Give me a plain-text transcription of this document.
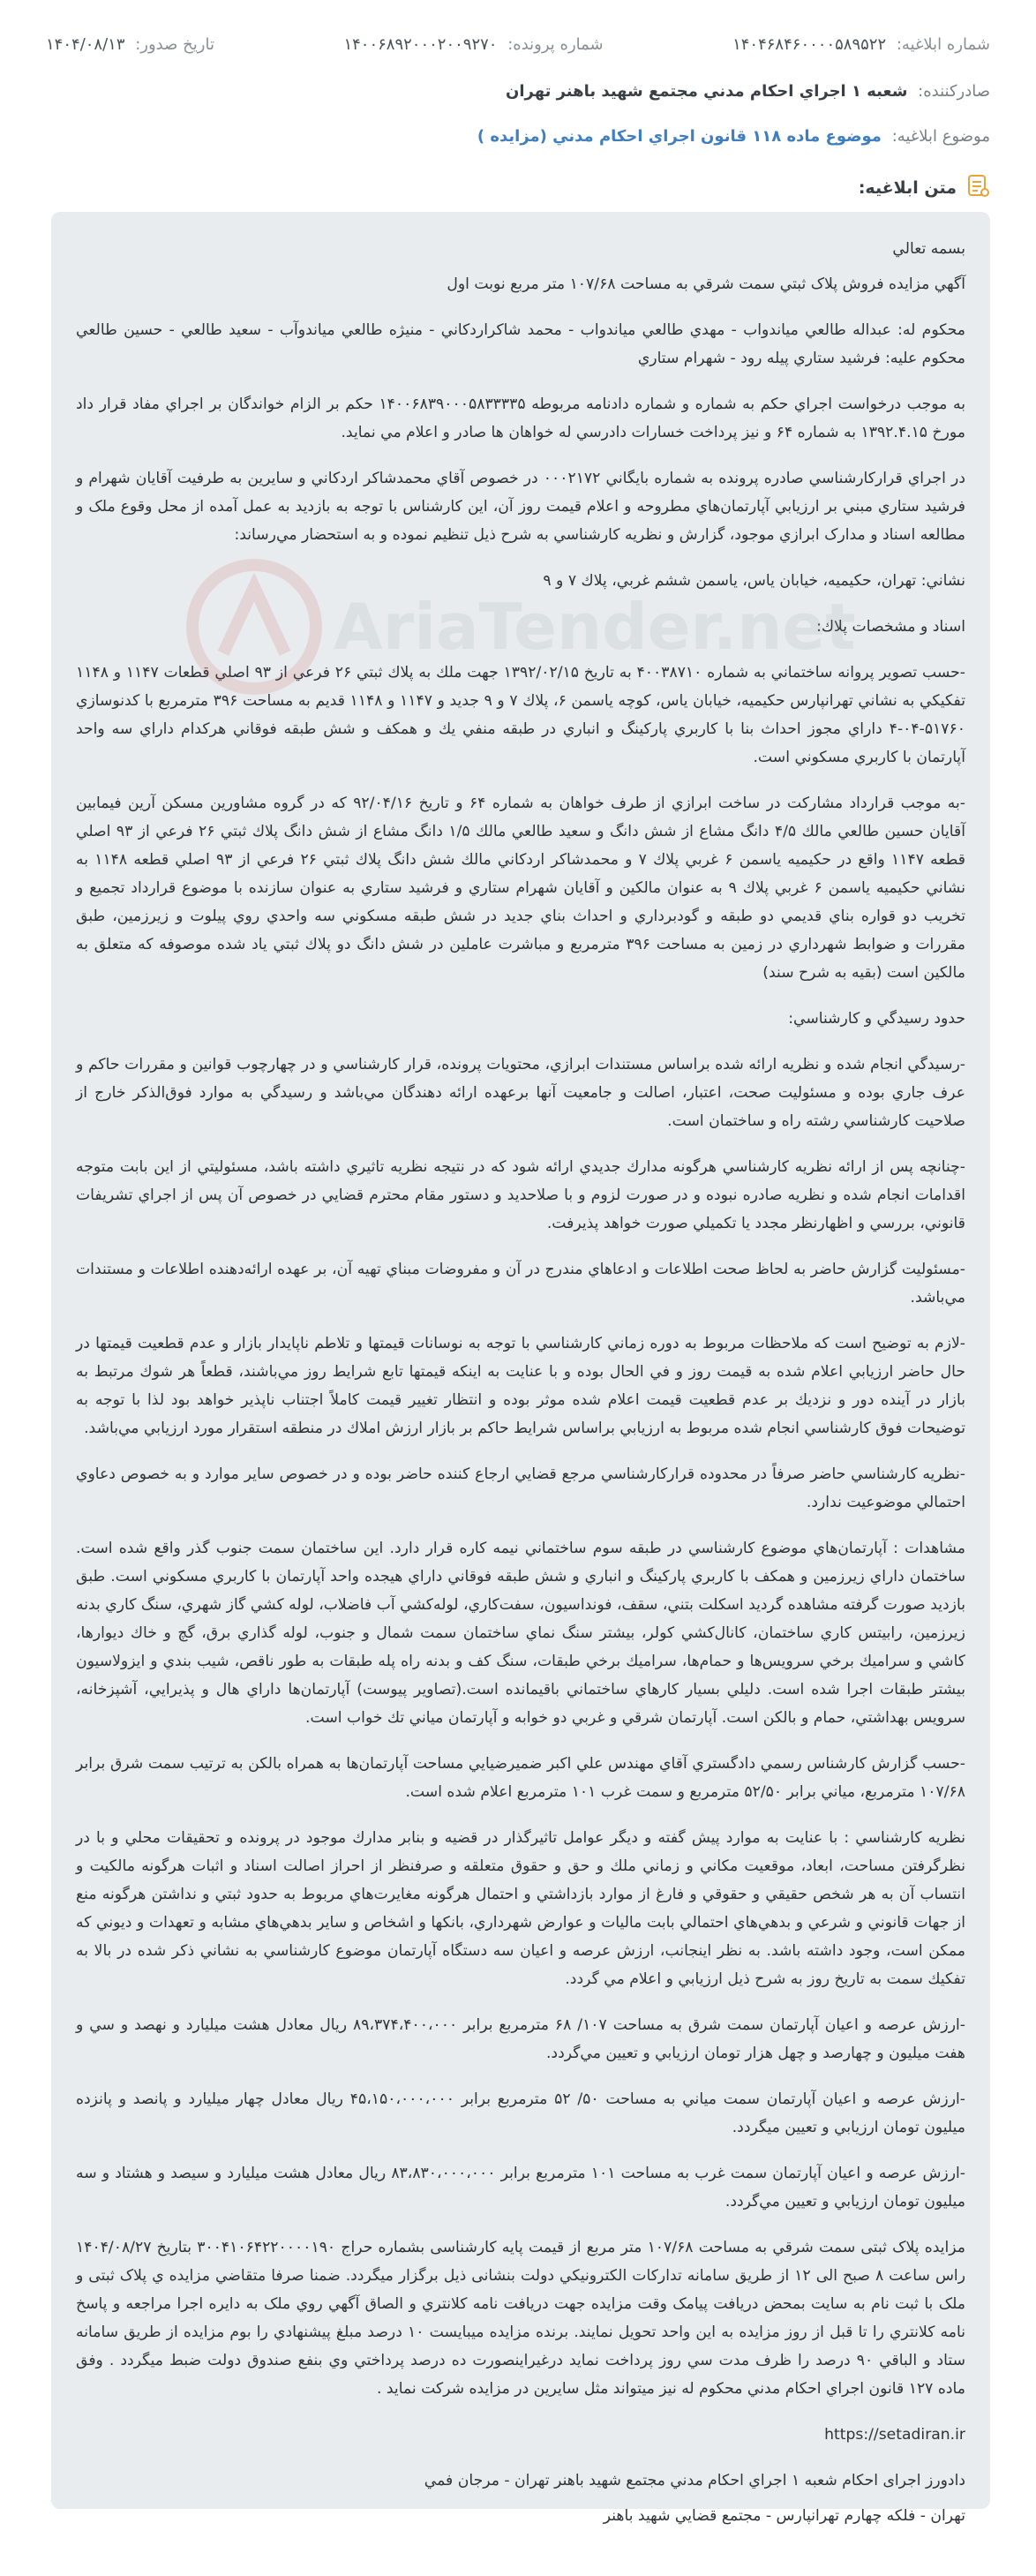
شماره ابلاغیه: ۱۴۰۴۶۸۴۶۰۰۰۰۵۸۹۵۲۲
شماره پرونده: ۱۴۰۰۶۸۹۲۰۰۰۲۰۰۹۲۷۰
تاریخ صدور: ۱۴۰۴/۰۸/۱۳
صادرکننده: شعبه ۱ اجراي احكام مدني مجتمع شهيد باهنر تهران
موضوع ابلاغیه: موضوع ماده ۱۱۸ قانون اجراي احكام مدني (مزايده )
متن ابلاغیه:
AriaTender.net

بسمه تعالي

آگهي مزايده فروش پلاک ثبتي سمت شرقي به مساحت ۱۰۷/۶۸ متر مربع نوبت اول

محكوم له: عبداله طالعي مياندواب - مهدي طالعي مياندواب - محمد شاكراردكاني - منيژه طالعي مياندوآب - سعيد طالعي - حسين طالعي محكوم عليه: فرشيد ستاري پيله رود - شهرام ستاري

به موجب درخواست اجراي حکم به شماره و شماره دادنامه مربوطه ۱۴۰۰۶۸۳۹۰۰۰۵۸۳۳۳۳۵ حكم بر الزام خواندگان بر اجراي مفاد قرار داد مورخ ۱۳۹۲.۴.۱۵ به شماره ۶۴ و نيز پرداخت خسارات دادرسي له خواهان ها صادر و اعلام مي نمايد.

در اجراي قرارکارشناسي صادره پرونده به شماره بايگاني ۰۰۰۲۱۷۲ در خصوص آقاي محمدشاکر اردکاني و سايرين به طرفيت آقايان شهرام و فرشيد ستاري مبني بر ارزيابي آپارتمان‌هاي مطروحه و اعلام قيمت روز آن، اين کارشناس با توجه به بازديد به عمل آمده از محل وقوع ملک و مطالعه اسناد و مدارک ابرازي موجود، گزارش و نظريه کارشناسي به شرح ذيل تنظيم نموده و به استحضار مي‌رساند:

نشاني: تهران، حكيميه، خيابان ياس، ياسمن ششم غربي، پلاك ۷ و ۹

اسناد و مشخصات پلاك:

-حسب تصوير پروانه ساختماني به شماره ۴۰۰۳۸۷۱۰ به تاريخ ۱۳۹۲/۰۲/۱۵ جهت ملك به پلاك ثبتي ۲۶ فرعي از ۹۳ اصلي قطعات ۱۱۴۷ و ۱۱۴۸ تفكيكي به نشاني تهرانپارس حكيميه، خيابان ياس، كوچه ياسمن ۶، پلاك ۷ و ۹ جديد و ۱۱۴۷ و ۱۱۴۸ قديم به مساحت ۳۹۶ مترمربع با كدنوسازي ۵۱۷۶۰-۰۴-۴ داراي مجوز احداث بنا با كاربري پاركينگ و انباري در طبقه منفي يك و همكف و شش طبقه فوقاني هركدام داراي سه واحد آپارتمان با كاربري مسكوني است.

-به موجب قرارداد مشاركت در ساخت ابرازي از طرف خواهان به شماره ۶۴ و تاريخ ۹۲/۰۴/۱۶ كه در گروه مشاورين مسكن آرين فيمابين آقايان حسين طالعي مالك ۴/۵ دانگ مشاع از شش دانگ و سعيد طالعي مالك ۱/۵ دانگ مشاع از شش دانگ پلاك ثبتي ۲۶ فرعي از ۹۳ اصلي قطعه ۱۱۴۷ واقع در حكيميه ياسمن ۶ غربي پلاك ۷ و محمدشاكر اردكاني مالك شش دانگ پلاك ثبتي ۲۶ فرعي از ۹۳ اصلي قطعه ۱۱۴۸ به نشاني حكيميه ياسمن ۶ غربي پلاك ۹ به عنوان مالكين و آقايان شهرام ستاري و فرشيد ستاري به عنوان سازنده با موضوع قرارداد تجميع و تخريب دو قواره بناي قديمي دو طبقه و گودبرداري و احداث بناي جديد در شش طبقه مسكوني سه واحدي روي پيلوت و زيرزمين، طبق مقررات و ضوابط شهرداري در زمين به مساحت ۳۹۶ مترمربع و مباشرت عاملين در شش دانگ دو پلاك ثبتي ياد شده موصوفه كه متعلق به مالكين است (بقيه به شرح سند)

حدود رسيدگي و كارشناسي:

-رسيدگي انجام شده و نظريه ارائه شده براساس مستندات ابرازي، محتويات پرونده، قرار كارشناسي و در چهارچوب قوانين و مقررات حاكم و عرف جاري بوده و مسئوليت صحت، اعتبار، اصالت و جامعيت آنها برعهده ارائه دهندگان مي‌باشد و رسيدگي به موارد فوق‌الذكر خارج از صلاحيت كارشناسي رشته راه و ساختمان است.

-چنانچه پس از ارائه نظريه كارشناسي هرگونه مدارك جديدي ارائه شود كه در نتيجه نظريه تاثيري داشته باشد، مسئوليتي از اين بابت متوجه اقدامات انجام شده و نظريه صادره نبوده و در صورت لزوم و با صلاحديد و دستور مقام محترم قضايي در خصوص آن پس از اجراي تشريفات قانوني، بررسي و اظهارنظر مجدد يا تكميلي صورت خواهد پذيرفت.

-مسئوليت گزارش حاضر به لحاظ صحت اطلاعات و ادعاهاي مندرج در آن و مفروضات مبناي تهيه آن، بر عهده ارائه‌دهنده اطلاعات و مستندات مي‌باشد.

-لازم به توضيح است كه ملاحظات مربوط به دوره زماني كارشناسي با توجه به نوسانات قيمتها و تلاطم ناپايدار بازار و عدم قطعيت قيمتها در حال حاضر ارزيابي اعلام شده به قيمت روز و في الحال بوده و با عنايت به اينكه قيمتها تابع شرايط روز مي‌باشند، قطعاً هر شوك مرتبط به بازار در آينده دور و نزديك بر عدم قطعيت قيمت اعلام شده موثر بوده و انتظار تغيير قيمت كاملاً اجتناب ناپذير خواهد بود لذا با توجه به توضيحات فوق كارشناسي انجام شده مربوط به ارزيابي براساس شرايط حاكم بر بازار ارزش املاك در منطقه استقرار مورد ارزيابي مي‌باشد.

-نظريه كارشناسي حاضر صرفاً در محدوده قراركارشناسي مرجع قضايي ارجاع كننده حاضر بوده و در خصوص ساير موارد و به خصوص دعاوي احتمالي موضوعيت ندارد.

مشاهدات : آپارتمان‌هاي موضوع كارشناسي در طبقه سوم ساختماني نيمه كاره قرار دارد. اين ساختمان سمت جنوب گذر واقع شده است. ساختمان داراي زيرزمين و همكف با كاربري پاركينگ و انباري و شش طبقه فوقاني داراي هيجده واحد آپارتمان با كاربري مسكوني است. طبق بازديد صورت گرفته مشاهده گرديد اسكلت بتني، سقف، فونداسيون، سفت‌كاري، لوله‌كشي آب فاضلاب، لوله كشي گاز شهري، سنگ كاري بدنه زيرزمين، رابيتس كاري ساختمان، كانال‌كشي كولر، بيشتر سنگ نماي ساختمان سمت شمال و جنوب، لوله گذاري برق، گچ و خاك ديوارها، كاشي و سراميك برخي سرويس‌ها و حمام‌ها، سراميك برخي طبقات، سنگ كف و بدنه راه پله طبقات به طور ناقص، شيب بندي و ايزولاسيون بيشتر طبقات اجرا شده است. دليلي بسيار كارهاي ساختماني باقيمانده است.(تصاوير پيوست) آپارتمان‌ها داراي هال و پذيرايي، آشپزخانه، سرويس بهداشتي، حمام و بالكن است. آپارتمان شرقي و غربي دو خوابه و آپارتمان مياني تك خواب است.

-حسب گزارش كارشناس رسمي دادگستري آقاي مهندس علي اكبر ضميرضيايي مساحت آپارتمان‌ها به همراه بالكن به ترتيب سمت شرق برابر ۱۰۷/۶۸ مترمربع، مياني برابر ۵۲/۵۰ مترمربع و سمت غرب ۱۰۱ مترمربع اعلام شده است.

نظريه كارشناسي : با عنايت به موارد پيش گفته و ديگر عوامل تاثيرگذار در قضيه و بنابر مدارك موجود در پرونده و تحقيقات محلي و با در نظرگرفتن مساحت، ابعاد، موقعيت مكاني و زماني ملك و حق و حقوق متعلقه و صرفنظر از احراز اصالت اسناد و اثبات هرگونه مالكيت و انتساب آن به هر شخص حقيقي و حقوقي و فارغ از موارد بازداشتي و احتمال هرگونه مغايرت‌هاي مربوط به حدود ثبتي و نداشتن هرگونه منع از جهات قانوني و شرعي و بدهي‌هاي احتمالي بابت ماليات و عوارض شهرداري، بانكها و اشخاص و ساير بدهي‌هاي مشابه و تعهدات و ديوني كه ممكن است، وجود داشته باشد. به نظر اينجانب، ارزش عرصه و اعيان سه دستگاه آپارتمان موضوع كارشناسي به نشاني ذكر شده در بالا به تفكيك سمت به تاريخ روز به شرح ذيل ارزيابي و اعلام مي گردد.

-ارزش عرصه و اعيان آپارتمان سمت شرق به مساحت ۱۰۷/ ۶۸ مترمربع برابر ۸۹،۳۷۴،۴۰۰،۰۰۰ ريال معادل هشت ميليارد و نهصد و سي و هفت ميليون و چهارصد و چهل هزار تومان ارزيابي و تعيين مي‌گردد.

-ارزش عرصه و اعيان آپارتمان سمت مياني به مساحت ۵۰/ ۵۲ مترمربع برابر ۴۵،۱۵۰،۰۰۰،۰۰۰ ريال معادل چهار ميليارد و پانصد و پانزده ميليون تومان ارزيابي و تعيين ميگردد.

-ارزش عرصه و اعيان آپارتمان سمت غرب به مساحت ۱۰۱ مترمربع برابر ۸۳،۸۳۰،۰۰۰،۰۰۰ ريال معادل هشت ميليارد و سيصد و هشتاد و سه ميليون تومان ارزيابي و تعيين مي‌گردد.

مزايده پلاک ثبتی سمت شرقي به مساحت ۱۰۷/۶۸ متر مربع از قيمت پايه کارشناسی بشماره حراج ۳۰۰۴۱۰۶۴۲۲۰۰۰۰۱۹۰ بتاريخ ۱۴۰۴/۰۸/۲۷ راس ساعت ۸ صبح الی ۱۲ از طريق سامانه تداركات الكترونيكي دولت بنشانی ذیل برگزار ميگردد. ضمنا صرفا متقاضي مزايده ي پلاک ثبتی و ملک با ثبت نام به سايت بمحض دريافت پيامک وقت مزايده جهت دريافت نامه کلانتري و الصاق آگهي روي ملک به دايره اجرا مراجعه و پاسخ نامه کلانتري را تا قبل از روز مزايده به اين واحد تحويل نمايند. برنده مزايده ميبايست ۱۰ درصد مبلغ پيشنهادي را بوم مزايده از طريق سامانه ستاد و الباقي ۹۰ درصد را ظرف مدت سي روز پرداخت نمايد درغيراينصورت ده درصد پرداختي وي بنفع صندوق دولت ضبط ميگردد . وفق ماده ۱۲۷ قانون اجراي احکام مدني محکوم له نيز ميتواند مثل سايرين در مزايده شركت نمايد .

https://setadiran.ir

دادورز اجرای احکام شعبه ۱ اجراي احكام مدني مجتمع شهيد باهنر تهران - مرجان فمي

تهران - فلکه چهارم تهرانپارس - مجتمع قضايي شهيد باهنر
